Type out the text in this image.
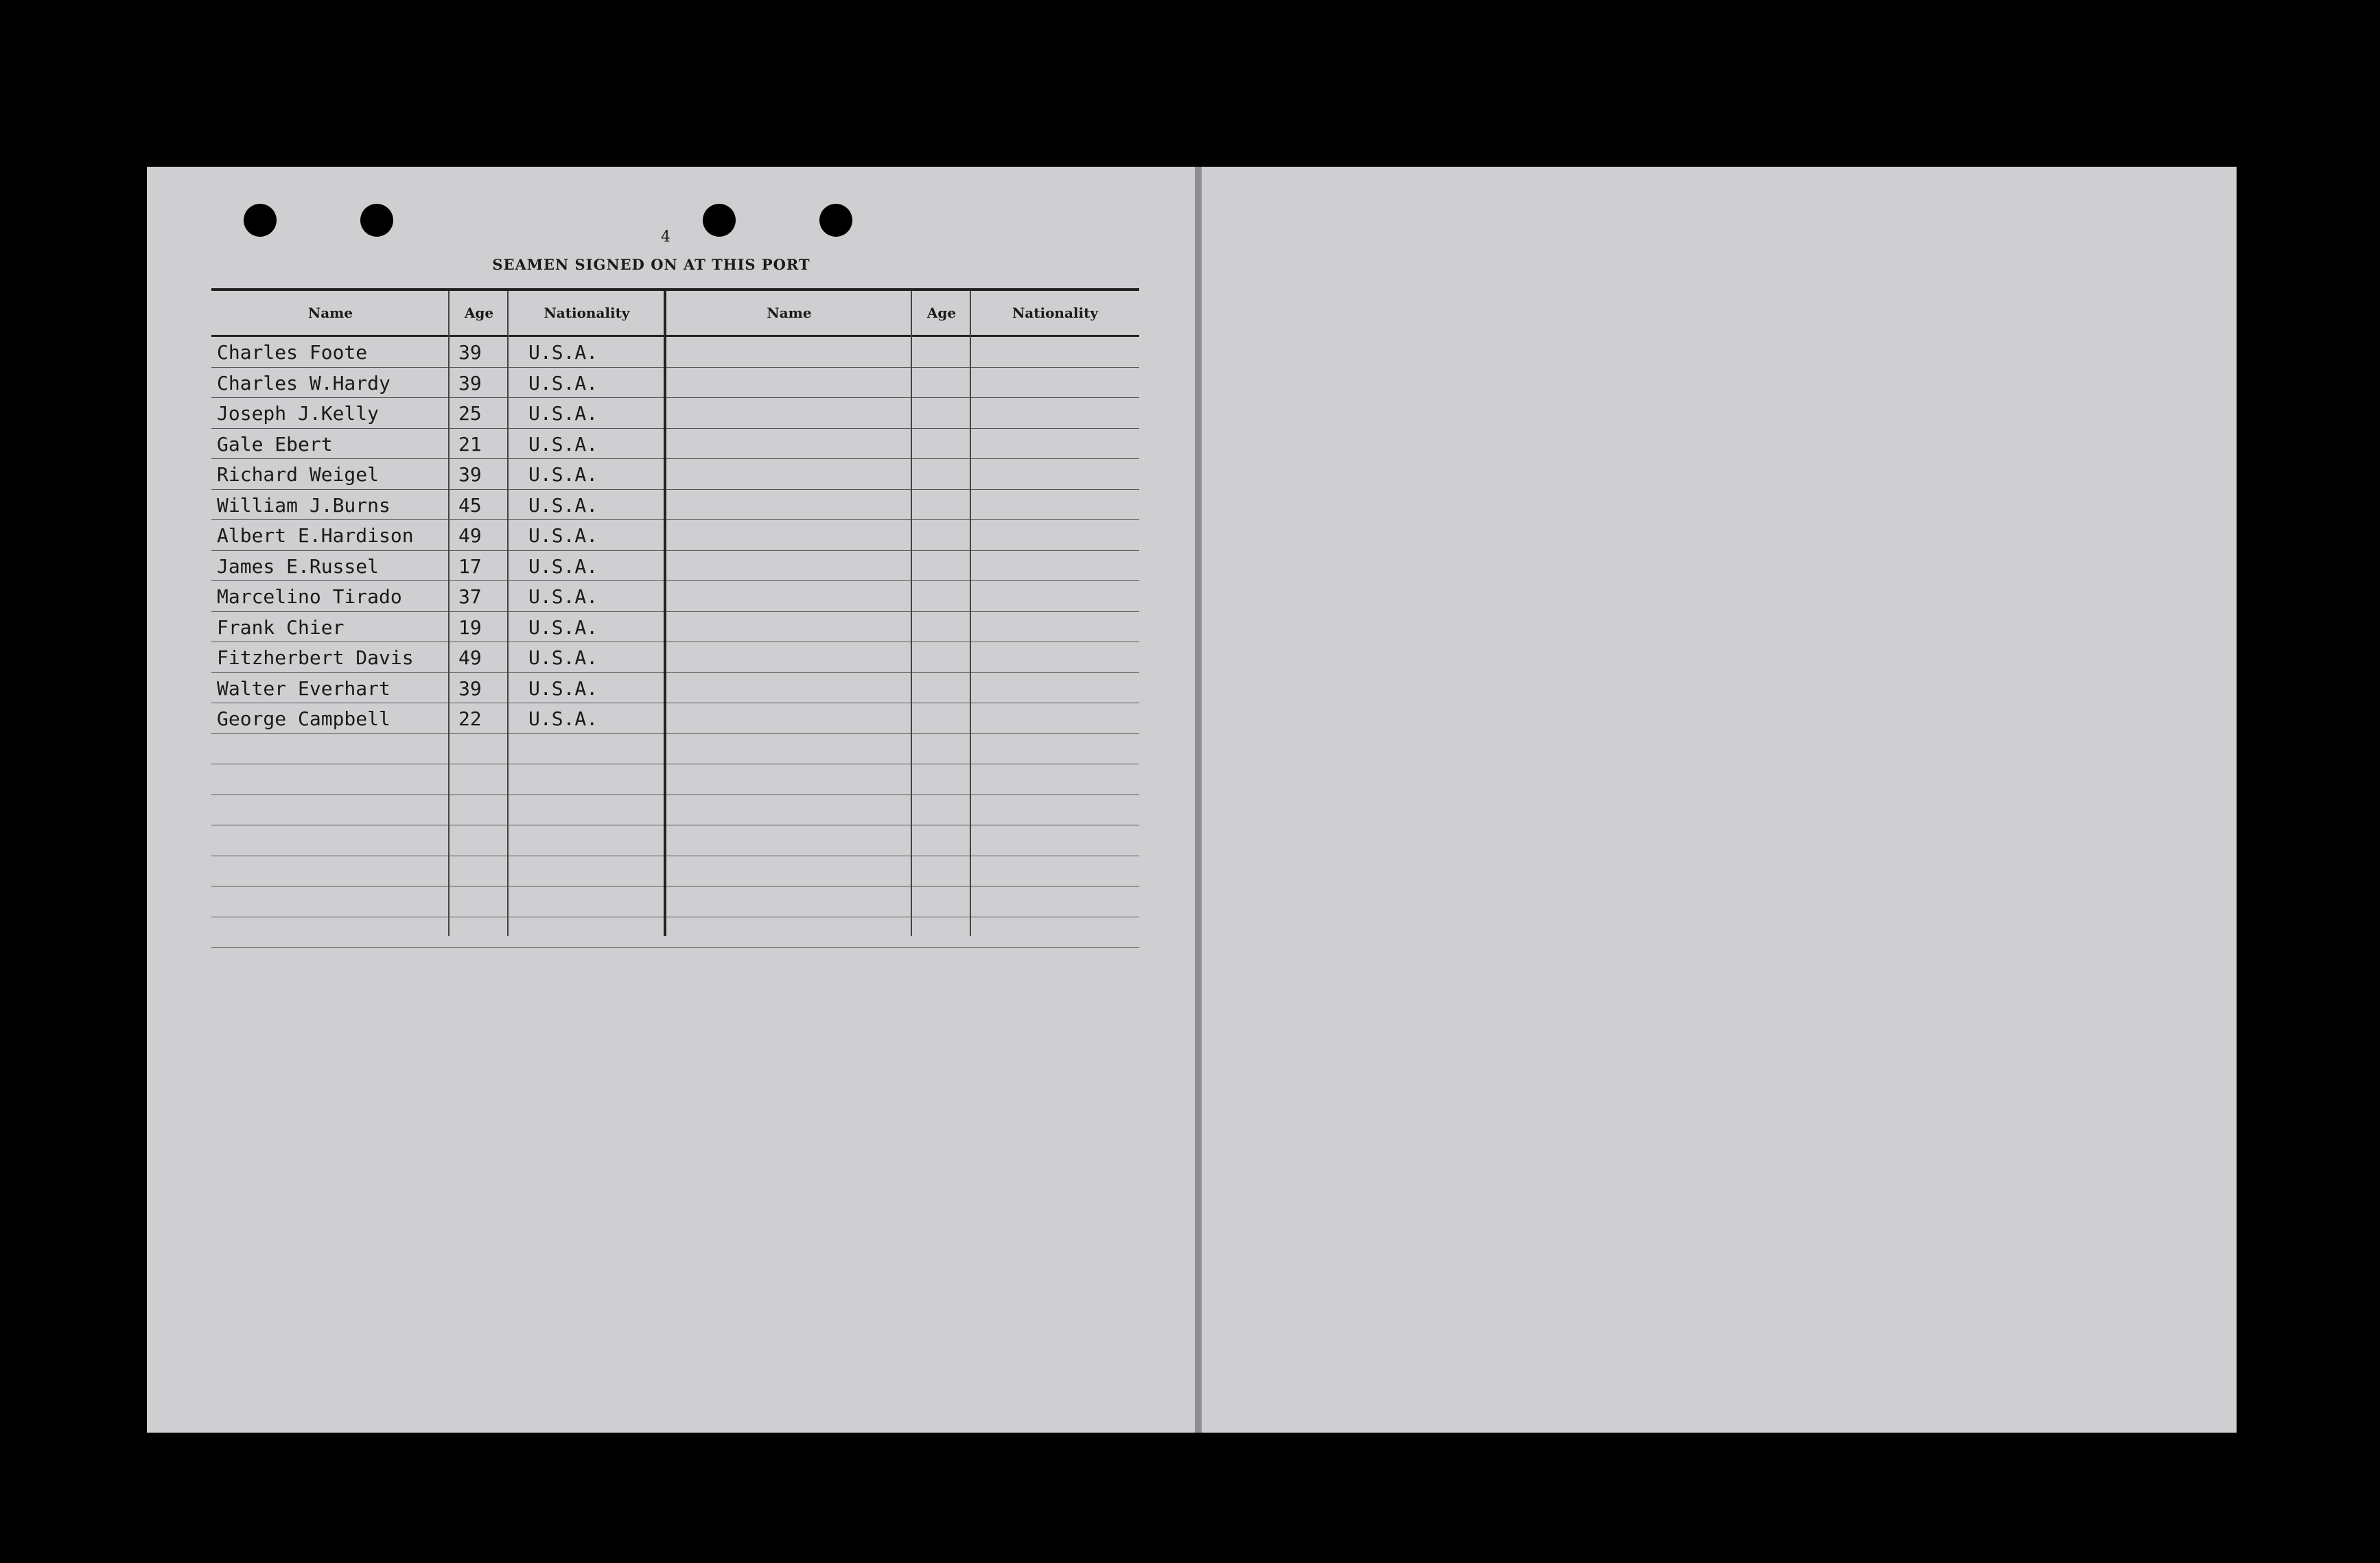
4
SEAMEN SIGNED ON AT THIS PORT
Name	Age	Nationality	Name	Age	Nationality
Charles Foote	39 U.S.A.
Charles W.Hardy	39 U.S.A.
Joseph J.Kelly	25 U.S.A.
Gale Ebert	21 U.S.A.
Richard Weigel	39 U.S.A.
William J.Burns	45 U.S.A.
Albert E.Hardison 49 U.S.A.
James E.Russel	17 U.S.A.
Marcelino Tirado	37 U.S.A.
Frank Chier	19 U.S.A.
Fitzherbert Davis 49 U.S.A.
Walter Everhart	39 U.S.A.
George Campbell	22 U.S.A.
